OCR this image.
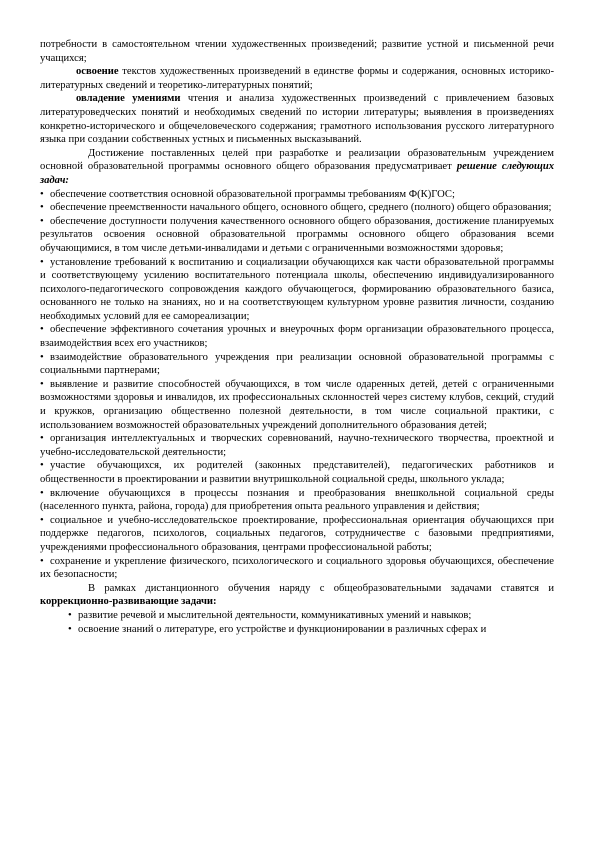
потребности в самостоятельном чтении художественных произведений; развитие устной и письменной речи учащихся;

освоение текстов художественных произведений в единстве формы и содержания, основных историко-литературных сведений и теоретико-литературных понятий;

овладение умениями чтения и анализа художественных произведений с привлечением базовых литературоведческих понятий и необходимых сведений по истории литературы; выявления в произведениях конкретно-исторического и общечеловеческого содержания; грамотного использования русского литературного языка при создании собственных устных и письменных высказываний.

Достижение поставленных целей при разработке и реализации образовательным учреждением основной образовательной программы основного общего образования предусматривает решение следующих задач:

• обеспечение соответствия основной образовательной программы требованиям Ф(К)ГОС;

• обеспечение преемственности начального общего, основного общего, среднего (полного) общего образования;

• обеспечение доступности получения качественного основного общего образования, достижение планируемых результатов освоения основной образовательной программы основного общего образования всеми обучающимися, в том числе детьми-инвалидами и детьми с ограниченными возможностями здоровья;

• установление требований к воспитанию и социализации обучающихся как части образовательной программы и соответствующему усилению воспитательного потенциала школы, обеспечению индивидуализированного психолого-педагогического сопровождения каждого обучающегося, формированию образовательного базиса, основанного не только на знаниях, но и на соответствующем культурном уровне развития личности, созданию необходимых условий для ее самореализации;

• обеспечение эффективного сочетания урочных и внеурочных форм организации образовательного процесса, взаимодействия всех его участников;

• взаимодействие образовательного учреждения при реализации основной образовательной программы с социальными партнерами;

• выявление и развитие способностей обучающихся, в том числе одаренных детей, детей с ограниченными возможностями здоровья и инвалидов, их профессиональных склонностей через систему клубов, секций, студий и кружков, организацию общественно полезной деятельности, в том числе социальной практики, с использованием возможностей образовательных учреждений дополнительного образования детей;

• организация интеллектуальных и творческих соревнований, научно-технического творчества, проектной и учебно-исследовательской деятельности;

• участие обучающихся, их родителей (законных представителей), педагогических работников и общественности в проектировании и развитии внутришкольной социальной среды, школьного уклада;

• включение обучающихся в процессы познания и преобразования внешкольной социальной среды (населенного пункта, района, города) для приобретения опыта реального управления и действия;

• социальное и учебно-исследовательское проектирование, профессиональная ориентация обучающихся при поддержке педагогов, психологов, социальных педагогов, сотрудничестве с базовыми предприятиями, учреждениями профессионального образования, центрами профессиональной работы;

• сохранение и укрепление физического, психологического и социального здоровья обучающихся, обеспечение их безопасности;

В рамках дистанционного обучения наряду с общеобразовательными задачами ставятся и коррекционно-развивающие задачи:

• развитие речевой и мыслительной деятельности, коммуникативных умений и навыков;

• освоение знаний о литературе, его устройстве и функционировании в различных сферах и
